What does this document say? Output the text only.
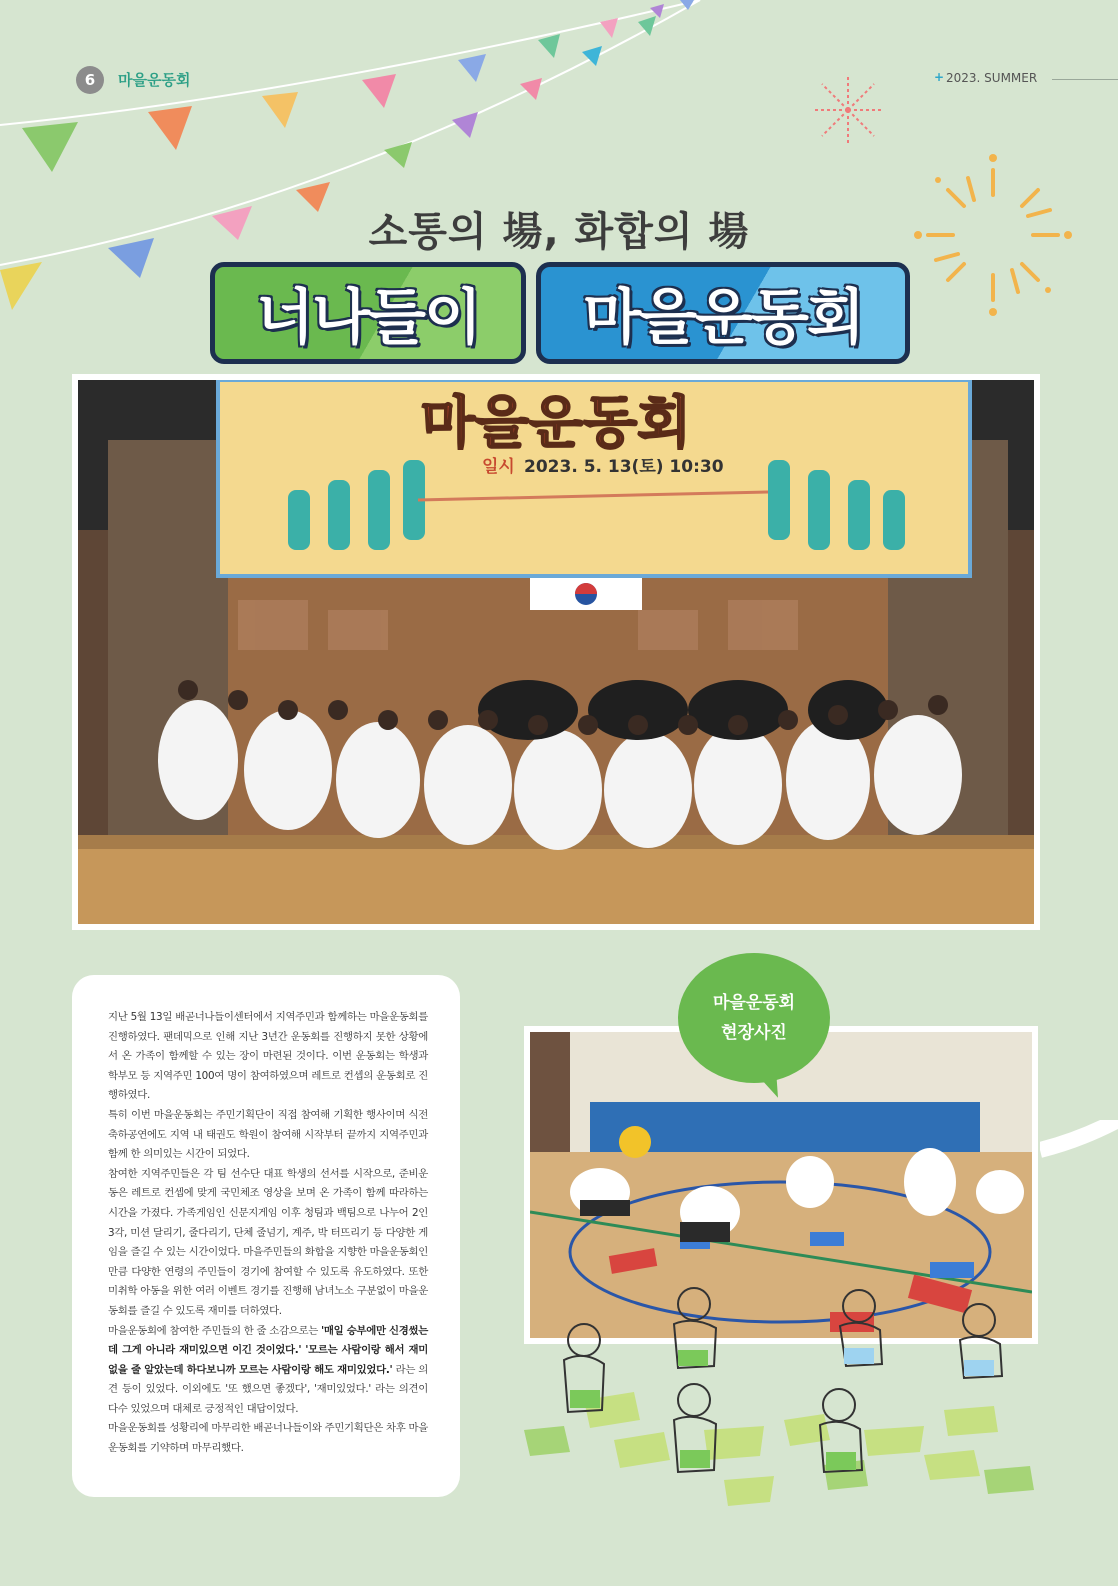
6	마을운동회	+ 2023. SUMMER
소통의 場, 화합의 場
너나들이	마을운동회
마을운동회
일시 2023. 5. 13(토) 10:30

지난 5월 13일 배곧너나들이센터에서 지역주민과 함께하는 마을운동회를 진행하였다. 팬데믹으로 인해 지난 3년간 운동회를 진행하지 못한 상황에서 온 가족이 함께할 수 있는 장이 마련된 것이다. 이번 운동회는 학생과 학부모 등 지역주민 100여 명이 참여하였으며 레트로 컨셉의 운동회로 진행하였다.

특히 이번 마을운동회는 주민기획단이 직접 참여해 기획한 행사이며 식전 축하공연에도 지역 내 태권도 학원이 참여해 시작부터 끝까지 지역주민과 함께 한 의미있는 시간이 되었다.

참여한 지역주민들은 각 팀 선수단 대표 학생의 선서를 시작으로, 준비운동은 레트로 컨셉에 맞게 국민체조 영상을 보며 온 가족이 함께 따라하는 시간을 가졌다. 가족게임인 신문지게임 이후 청팀과 백팀으로 나누어 2인3각, 미션 달리기, 줄다리기, 단체 줄넘기, 계주, 박 터뜨리기 등 다양한 게임을 즐길 수 있는 시간이었다. 마을주민들의 화합을 지향한 마을운동회인 만큼 다양한 연령의 주민들이 경기에 참여할 수 있도록 유도하였다. 또한 미취학 아동을 위한 여러 이벤트 경기를 진행해 남녀노소 구분없이 마을운동회를 즐길 수 있도록 재미를 더하였다.

마을운동회에 참여한 주민들의 한 줄 소감으로는 '매일 승부에만 신경썼는데 그게 아니라 재미있으면 이긴 것이었다.' '모르는 사람이랑 해서 재미없을 줄 알았는데 하다보니까 모르는 사람이랑 해도 재미있었다.' 라는 의견 등이 있었다. 이외에도 '또 했으면 좋겠다', '재미있었다.' 라는 의견이 다수 있었으며 대체로 긍정적인 대답이었다.

마을운동회를 성황리에 마무리한 배곧너나들이와 주민기획단은 차후 마을운동회를 기약하며 마무리했다.

마을운동회
현장사진
